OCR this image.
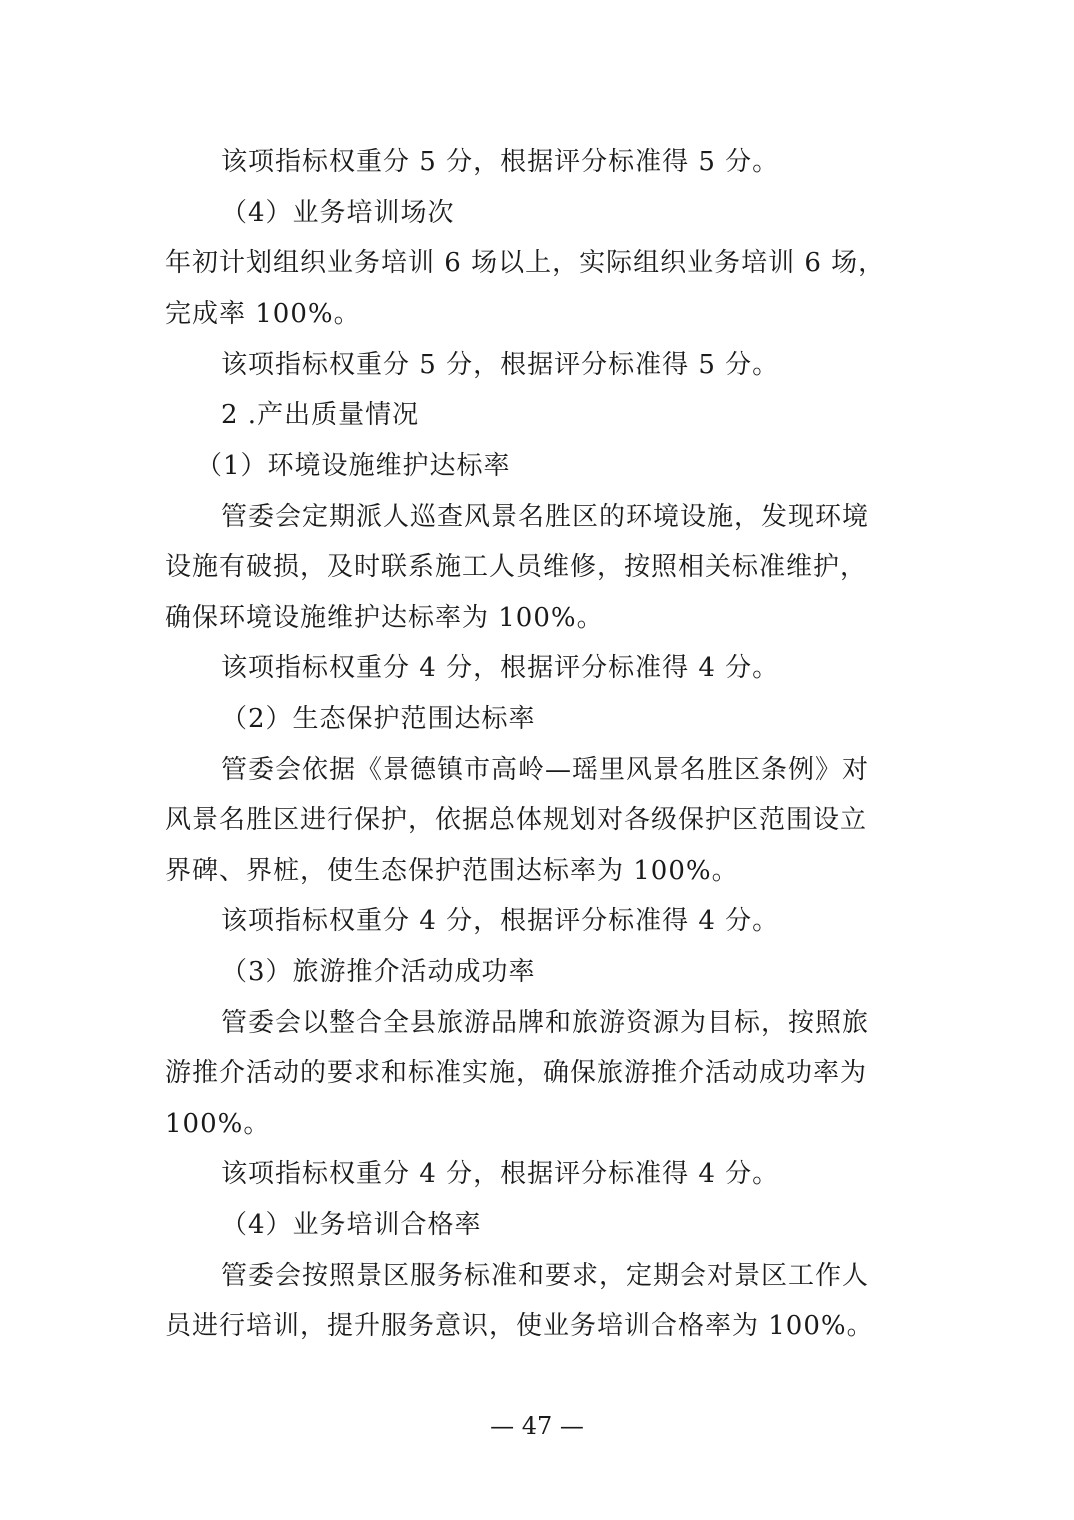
该项指标权重分 5 分，根据评分标准得 5 分。
（4）业务培训场次
年初计划组织业务培训 6 场以上，实际组织业务培训 6 场，
完成率 100%。
该项指标权重分 5 分，根据评分标准得 5 分。
2 .产出质量情况
（1）环境设施维护达标率
管委会定期派人巡查风景名胜区的环境设施，发现环境
设施有破损，及时联系施工人员维修，按照相关标准维护，
确保环境设施维护达标率为 100%。
该项指标权重分 4 分，根据评分标准得 4 分。
（2）生态保护范围达标率
管委会依据《景德镇市高岭—瑶里风景名胜区条例》对
风景名胜区进行保护，依据总体规划对各级保护区范围设立
界碑、界桩，使生态保护范围达标率为 100%。
该项指标权重分 4 分，根据评分标准得 4 分。
（3）旅游推介活动成功率
管委会以整合全县旅游品牌和旅游资源为目标，按照旅
游推介活动的要求和标准实施，确保旅游推介活动成功率为
100%。
该项指标权重分 4 分，根据评分标准得 4 分。
（4）业务培训合格率
管委会按照景区服务标准和要求，定期会对景区工作人
员进行培训，提升服务意识，使业务培训合格率为 100%。
— 47 —
